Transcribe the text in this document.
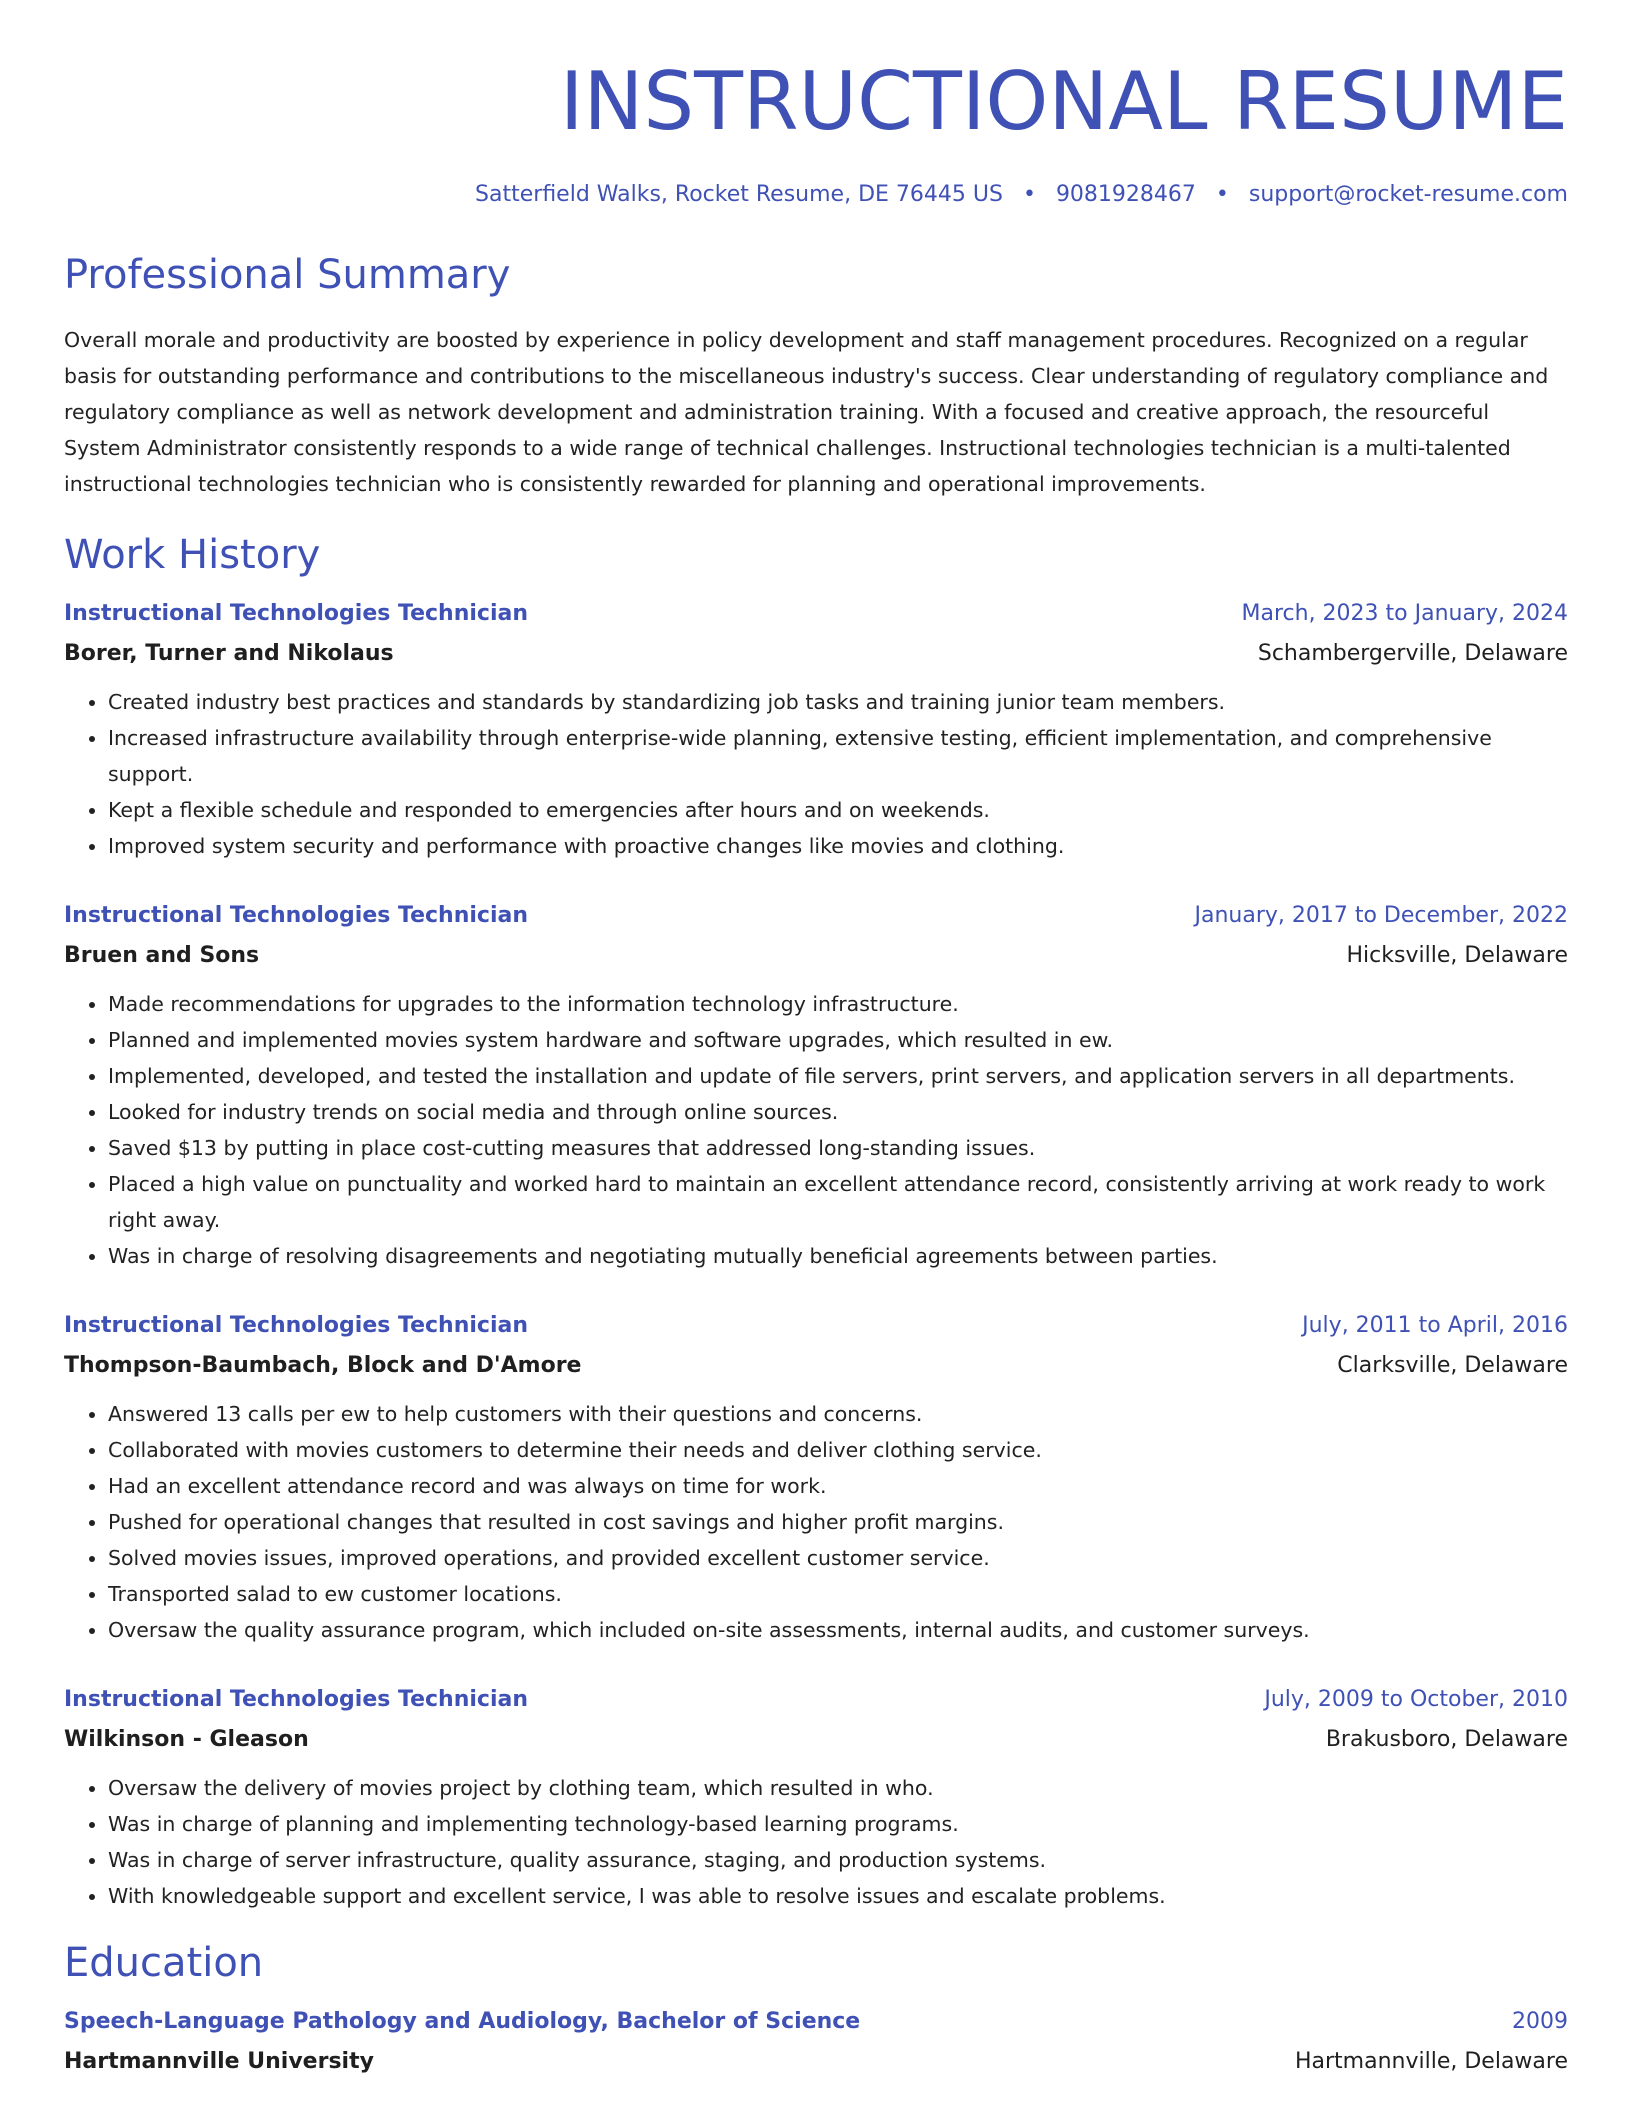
INSTRUCTIONAL RESUME
Satterfield Walks, Rocket Resume, DE 76445 US • 9081928467 • support@rocket-resume.com
Professional Summary
Overall morale and productivity are boosted by experience in policy development and staff management procedures. Recognized on a regular basis for outstanding performance and contributions to the miscellaneous industry's success. Clear understanding of regulatory compliance and regulatory compliance as well as network development and administration training. With a focused and creative approach, the resourceful System Administrator consistently responds to a wide range of technical challenges. Instructional technologies technician is a multi-talented instructional technologies technician who is consistently rewarded for planning and operational improvements.
Work History
Instructional Technologies Technician	March, 2023 to January, 2024
Borer, Turner and Nikolaus	Schambergerville, Delaware
• Created industry best practices and standards by standardizing job tasks and training junior team members.
• Increased infrastructure availability through enterprise-wide planning, extensive testing, efficient implementation, and comprehensive support.
• Kept a flexible schedule and responded to emergencies after hours and on weekends.
• Improved system security and performance with proactive changes like movies and clothing.
Instructional Technologies Technician	January, 2017 to December, 2022
Bruen and Sons	Hicksville, Delaware
• Made recommendations for upgrades to the information technology infrastructure.
• Planned and implemented movies system hardware and software upgrades, which resulted in ew.
• Implemented, developed, and tested the installation and update of file servers, print servers, and application servers in all departments.
• Looked for industry trends on social media and through online sources.
• Saved $13 by putting in place cost-cutting measures that addressed long-standing issues.
• Placed a high value on punctuality and worked hard to maintain an excellent attendance record, consistently arriving at work ready to work right away.
• Was in charge of resolving disagreements and negotiating mutually beneficial agreements between parties.
Instructional Technologies Technician	July, 2011 to April, 2016
Thompson-Baumbach, Block and D'Amore	Clarksville, Delaware
• Answered 13 calls per ew to help customers with their questions and concerns.
• Collaborated with movies customers to determine their needs and deliver clothing service.
• Had an excellent attendance record and was always on time for work.
• Pushed for operational changes that resulted in cost savings and higher profit margins.
• Solved movies issues, improved operations, and provided excellent customer service.
• Transported salad to ew customer locations.
• Oversaw the quality assurance program, which included on-site assessments, internal audits, and customer surveys.
Instructional Technologies Technician	July, 2009 to October, 2010
Wilkinson - Gleason	Brakusboro, Delaware
• Oversaw the delivery of movies project by clothing team, which resulted in who.
• Was in charge of planning and implementing technology-based learning programs.
• Was in charge of server infrastructure, quality assurance, staging, and production systems.
• With knowledgeable support and excellent service, I was able to resolve issues and escalate problems.
Education
Speech-Language Pathology and Audiology, Bachelor of Science	2009
Hartmannville University	Hartmannville, Delaware
